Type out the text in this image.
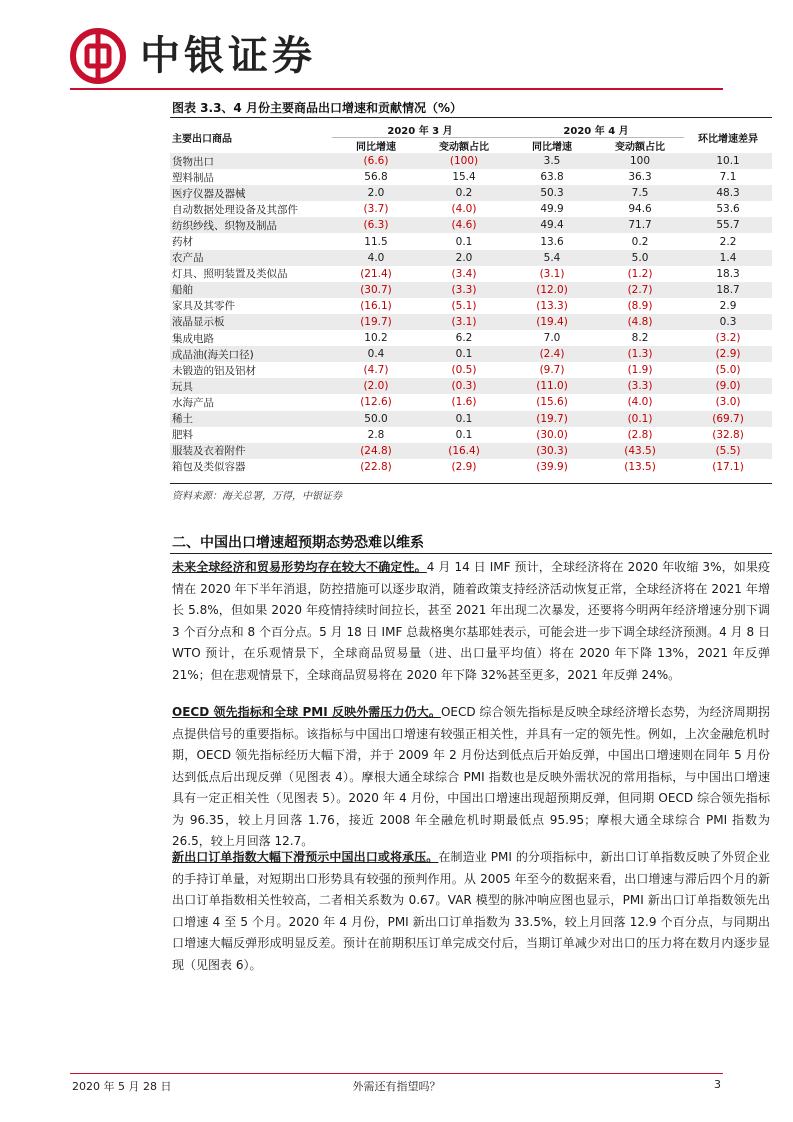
中银证券
图表 3.3、4 月份主要商品出口增速和贡献情况（%）
主要出口商品	2020 年 3 月		2020 年 4 月		环比增速差异
	同比增速	变动额占比	同比增速	变动额占比	
货物出口	(6.6)	(100)	3.5	100	10.1
塑料制品	56.8	15.4	63.8	36.3	7.1
医疗仪器及器械	2.0	0.2	50.3	7.5	48.3
自动数据处理设备及其部件	(3.7)	(4.0)	49.9	94.6	53.6
纺织纱线、织物及制品	(6.3)	(4.6)	49.4	71.7	55.7
药材	11.5	0.1	13.6	0.2	2.2
农产品	4.0	2.0	5.4	5.0	1.4
灯具、照明装置及类似品	(21.4)	(3.4)	(3.1)	(1.2)	18.3
船舶	(30.7)	(3.3)	(12.0)	(2.7)	18.7
家具及其零件	(16.1)	(5.1)	(13.3)	(8.9)	2.9
液晶显示板	(19.7)	(3.1)	(19.4)	(4.8)	0.3
集成电路	10.2	6.2	7.0	8.2	(3.2)
成品油(海关口径)	0.4	0.1	(2.4)	(1.3)	(2.9)
未锻造的铝及铝材	(4.7)	(0.5)	(9.7)	(1.9)	(5.0)
玩具	(2.0)	(0.3)	(11.0)	(3.3)	(9.0)
水海产品	(12.6)	(1.6)	(15.6)	(4.0)	(3.0)
稀土	50.0	0.1	(19.7)	(0.1)	(69.7)
肥料	2.8	0.1	(30.0)	(2.8)	(32.8)
服装及衣着附件	(24.8)	(16.4)	(30.3)	(43.5)	(5.5)
箱包及类似容器	(22.8)	(2.9)	(39.9)	(13.5)	(17.1)
资料来源：海关总署，万得，中银证券
二、中国出口增速超预期态势恐难以维系
未来全球经济和贸易形势均存在较大不确定性。4 月 14 日 IMF 预计，全球经济将在 2020 年收缩 3%，如果疫情在 2020 年下半年消退，防控措施可以逐步取消，随着政策支持经济活动恢复正常，全球经济将在 2021 年增长 5.8%，但如果 2020 年疫情持续时间拉长，甚至 2021 年出现二次暴发，还要将今明两年经济增速分别下调 3 个百分点和 8 个百分点。5 月 18 日 IMF 总裁格奥尔基耶娃表示，可能会进一步下调全球经济预测。4 月 8 日 WTO 预计，在乐观情景下，全球商品贸易量（进、出口量平均值）将在 2020 年下降 13%，2021 年反弹 21%；但在悲观情景下，全球商品贸易将在 2020 年下降 32%甚至更多，2021 年反弹 24%。
OECD 领先指标和全球 PMI 反映外需压力仍大。OECD 综合领先指标是反映全球经济增长态势，为经济周期拐点提供信号的重要指标。该指标与中国出口增速有较强正相关性，并具有一定的领先性。例如，上次金融危机时期，OECD 领先指标经历大幅下滑，并于 2009 年 2 月份达到低点后开始反弹，中国出口增速则在同年 5 月份达到低点后出现反弹（见图表 4）。摩根大通全球综合 PMI 指数也是反映外需状况的常用指标，与中国出口增速具有一定正相关性（见图表 5）。2020 年 4 月份，中国出口增速出现超预期反弹，但同期 OECD 综合领先指标为 96.35，较上月回落 1.76，接近 2008 年全融危机时期最低点 95.95；摩根大通全球综合 PMI 指数为 26.5，较上月回落 12.7。
新出口订单指数大幅下滑预示中国出口或将承压。在制造业 PMI 的分项指标中，新出口订单指数反映了外贸企业的手持订单量，对短期出口形势具有较强的预判作用。从 2005 年至今的数据来看，出口增速与滞后四个月的新出口订单指数相关性较高，二者相关系数为 0.67。VAR 模型的脉冲响应图也显示，PMI 新出口订单指数领先出口增速 4 至 5 个月。2020 年 4 月份，PMI 新出口订单指数为 33.5%，较上月回落 12.9 个百分点，与同期出口增速大幅反弹形成明显反差。预计在前期积压订单完成交付后，当期订单减少对出口的压力将在数月内逐步显现（见图表 6）。
2020 年 5 月 28 日	外需还有指望吗？	3
